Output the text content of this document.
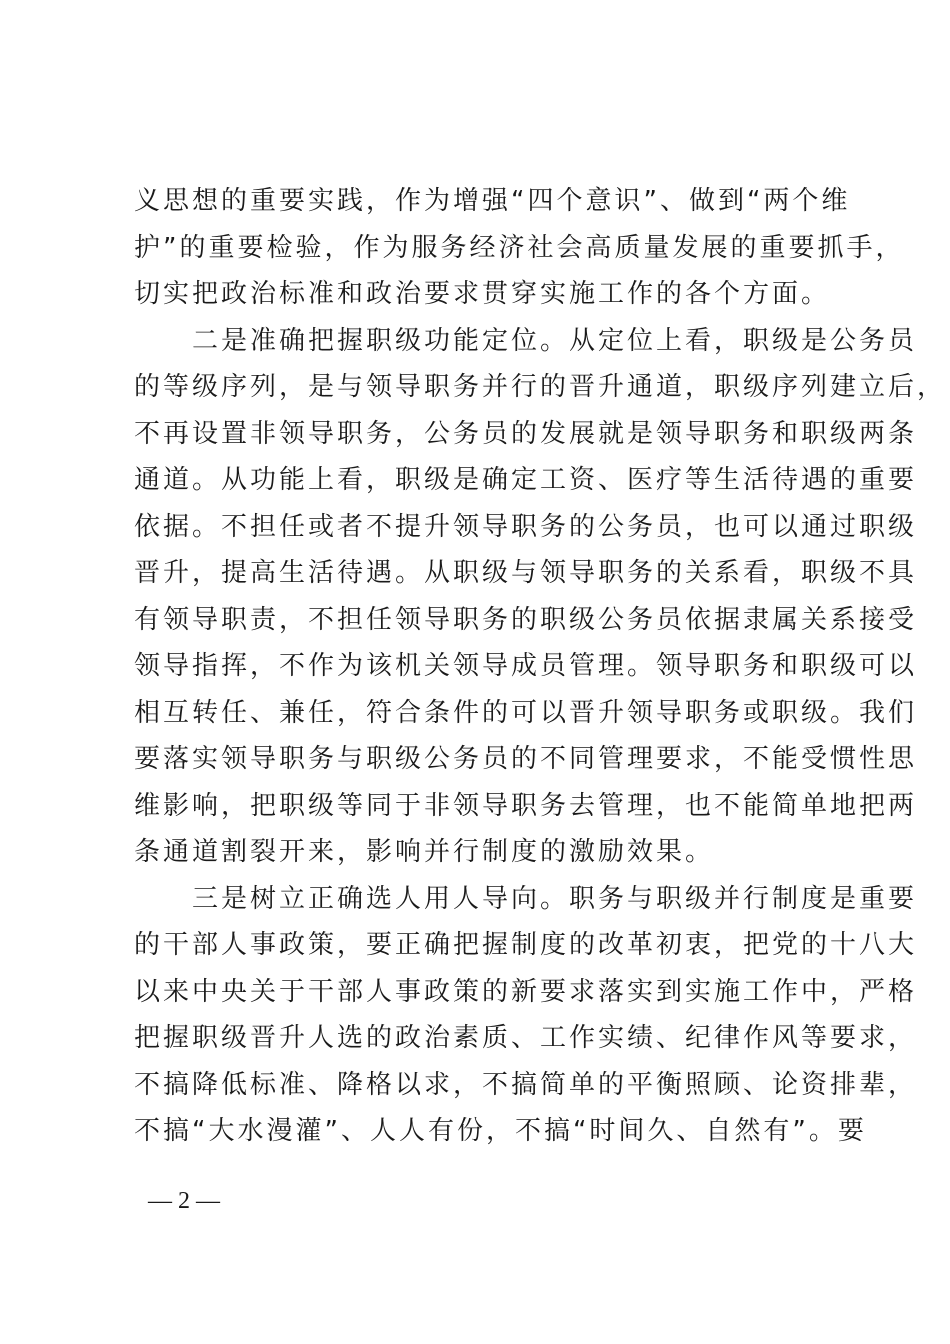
义思想的重要实践，作为增强“四个意识”、做到“两个维
护”的重要检验，作为服务经济社会高质量发展的重要抓手，
切实把政治标准和政治要求贯穿实施工作的各个方面。
　　二是准确把握职级功能定位。从定位上看，职级是公务员
的等级序列，是与领导职务并行的晋升通道，职级序列建立后，
不再设置非领导职务，公务员的发展就是领导职务和职级两条
通道。从功能上看，职级是确定工资、医疗等生活待遇的重要
依据。不担任或者不提升领导职务的公务员，也可以通过职级
晋升，提高生活待遇。从职级与领导职务的关系看，职级不具
有领导职责，不担任领导职务的职级公务员依据隶属关系接受
领导指挥，不作为该机关领导成员管理。领导职务和职级可以
相互转任、兼任，符合条件的可以晋升领导职务或职级。我们
要落实领导职务与职级公务员的不同管理要求，不能受惯性思
维影响，把职级等同于非领导职务去管理，也不能简单地把两
条通道割裂开来，影响并行制度的激励效果。
　　三是树立正确选人用人导向。职务与职级并行制度是重要
的干部人事政策，要正确把握制度的改革初衷，把党的十八大
以来中央关于干部人事政策的新要求落实到实施工作中，严格
把握职级晋升人选的政治素质、工作实绩、纪律作风等要求，
不搞降低标准、降格以求，不搞简单的平衡照顾、论资排辈，
不搞“大水漫灌”、人人有份，不搞“时间久、自然有”。要
— 2 —
